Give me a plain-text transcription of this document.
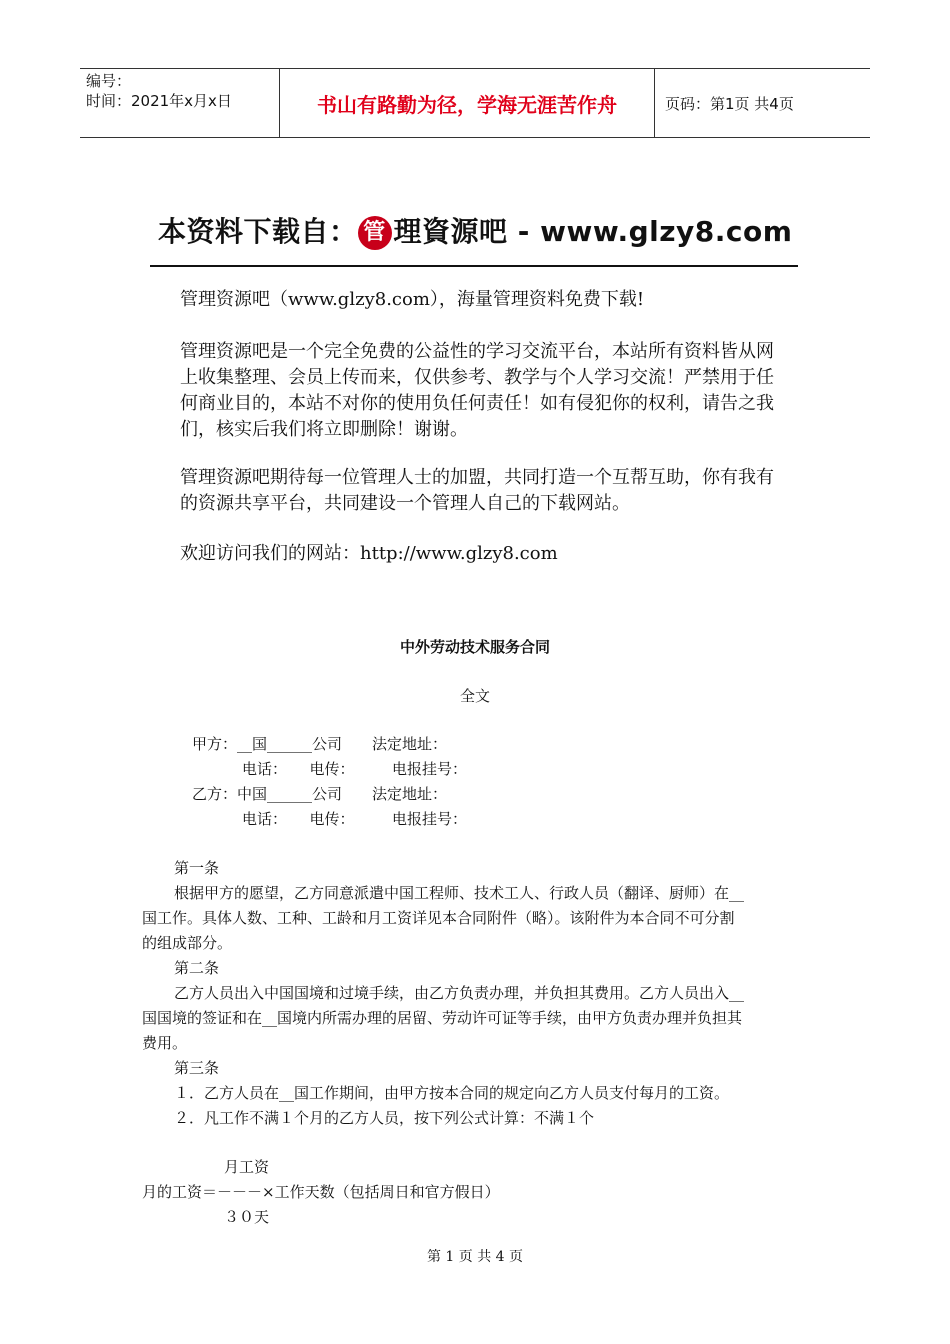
编号：
时间：2021年x月x日	书山有路勤为径，学海无涯苦作舟	页码：第1页 共4页
本资料下载自： 管 理資源吧 - www.glzy8.com
管理资源吧（www.glzy8.com），海量管理资料免费下载!
管理资源吧是一个完全免费的公益性的学习交流平台，本站所有资料皆从网上收集整理、会员上传而来，仅供参考、教学与个人学习交流！严禁用于任何商业目的，本站不对你的使用负任何责任！如有侵犯你的权利，请告之我们，核实后我们将立即删除！谢谢。
管理资源吧期待每一位管理人士的加盟，共同打造一个互帮互助，你有我有的资源共享平台，共同建设一个管理人自己的下载网站。
欢迎访问我们的网站：http://www.glzy8.com
中外劳动技术服务合同
全文
甲方：__国______公司　　法定地址：
电话：　　电传：　　　电报挂号：
乙方：中国______公司　　法定地址：
电话：　　电传：　　　电报挂号：
第一条
根据甲方的愿望，乙方同意派遣中国工程师、技术工人、行政人员（翻译、厨师）在__
国工作。具体人数、工种、工龄和月工资详见本合同附件（略）。该附件为本合同不可分割
的组成部分。
第二条
乙方人员出入中国国境和过境手续，由乙方负责办理，并负担其费用。乙方人员出入__
国国境的签证和在__国境内所需办理的居留、劳动许可证等手续，由甲方负责办理并负担其
费用。
第三条
１．乙方人员在__国工作期间，由甲方按本合同的规定向乙方人员支付每月的工资。
２．凡工作不满１个月的乙方人员，按下列公式计算：不满１个
月工资
月的工资＝－－－×工作天数（包括周日和官方假日）
３０天
第 1 页 共 4 页
